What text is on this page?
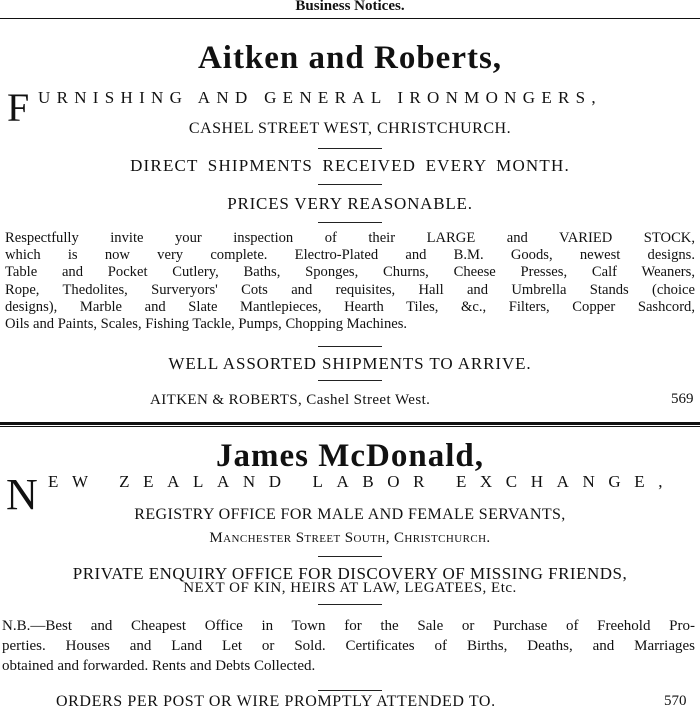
Business Notices.
Aitken and Roberts,
F URNISHING AND GENERAL IRONMONGERS,
CASHEL STREET WEST, CHRISTCHURCH.
DIRECT SHIPMENTS RECEIVED EVERY MONTH.
PRICES VERY REASONABLE.
Respectfully invite your inspection of their LARGE and VARIED STOCK,
which is now very complete. Electro-Plated and B.M. Goods, newest designs.
Table and Pocket Cutlery, Baths, Sponges, Churns, Cheese Presses, Calf Weaners,
Rope, Thedolites, Surveryors' Cots and requisites, Hall and Umbrella Stands (choice
designs), Marble and Slate Mantlepieces, Hearth Tiles, &c., Filters, Copper Sashcord,
Oils and Paints, Scales, Fishing Tackle, Pumps, Chopping Machines.
WELL ASSORTED SHIPMENTS TO ARRIVE.
AITKEN & ROBERTS, Cashel Street West.	569
James McDonald,
N EW ZEALAND LABOR EXCHANGE,
REGISTRY OFFICE FOR MALE AND FEMALE SERVANTS,
Manchester Street South, Christchurch.
PRIVATE ENQUIRY OFFICE FOR DISCOVERY OF MISSING FRIENDS,
NEXT OF KIN, HEIRS AT LAW, LEGATEES, Etc.
N.B.—Best and Cheapest Office in Town for the Sale or Purchase of Freehold Pro-
perties. Houses and Land Let or Sold. Certificates of Births, Deaths, and Marriages
obtained and forwarded. Rents and Debts Collected.
ORDERS PER POST OR WIRE PROMPTLY ATTENDED TO.	570
